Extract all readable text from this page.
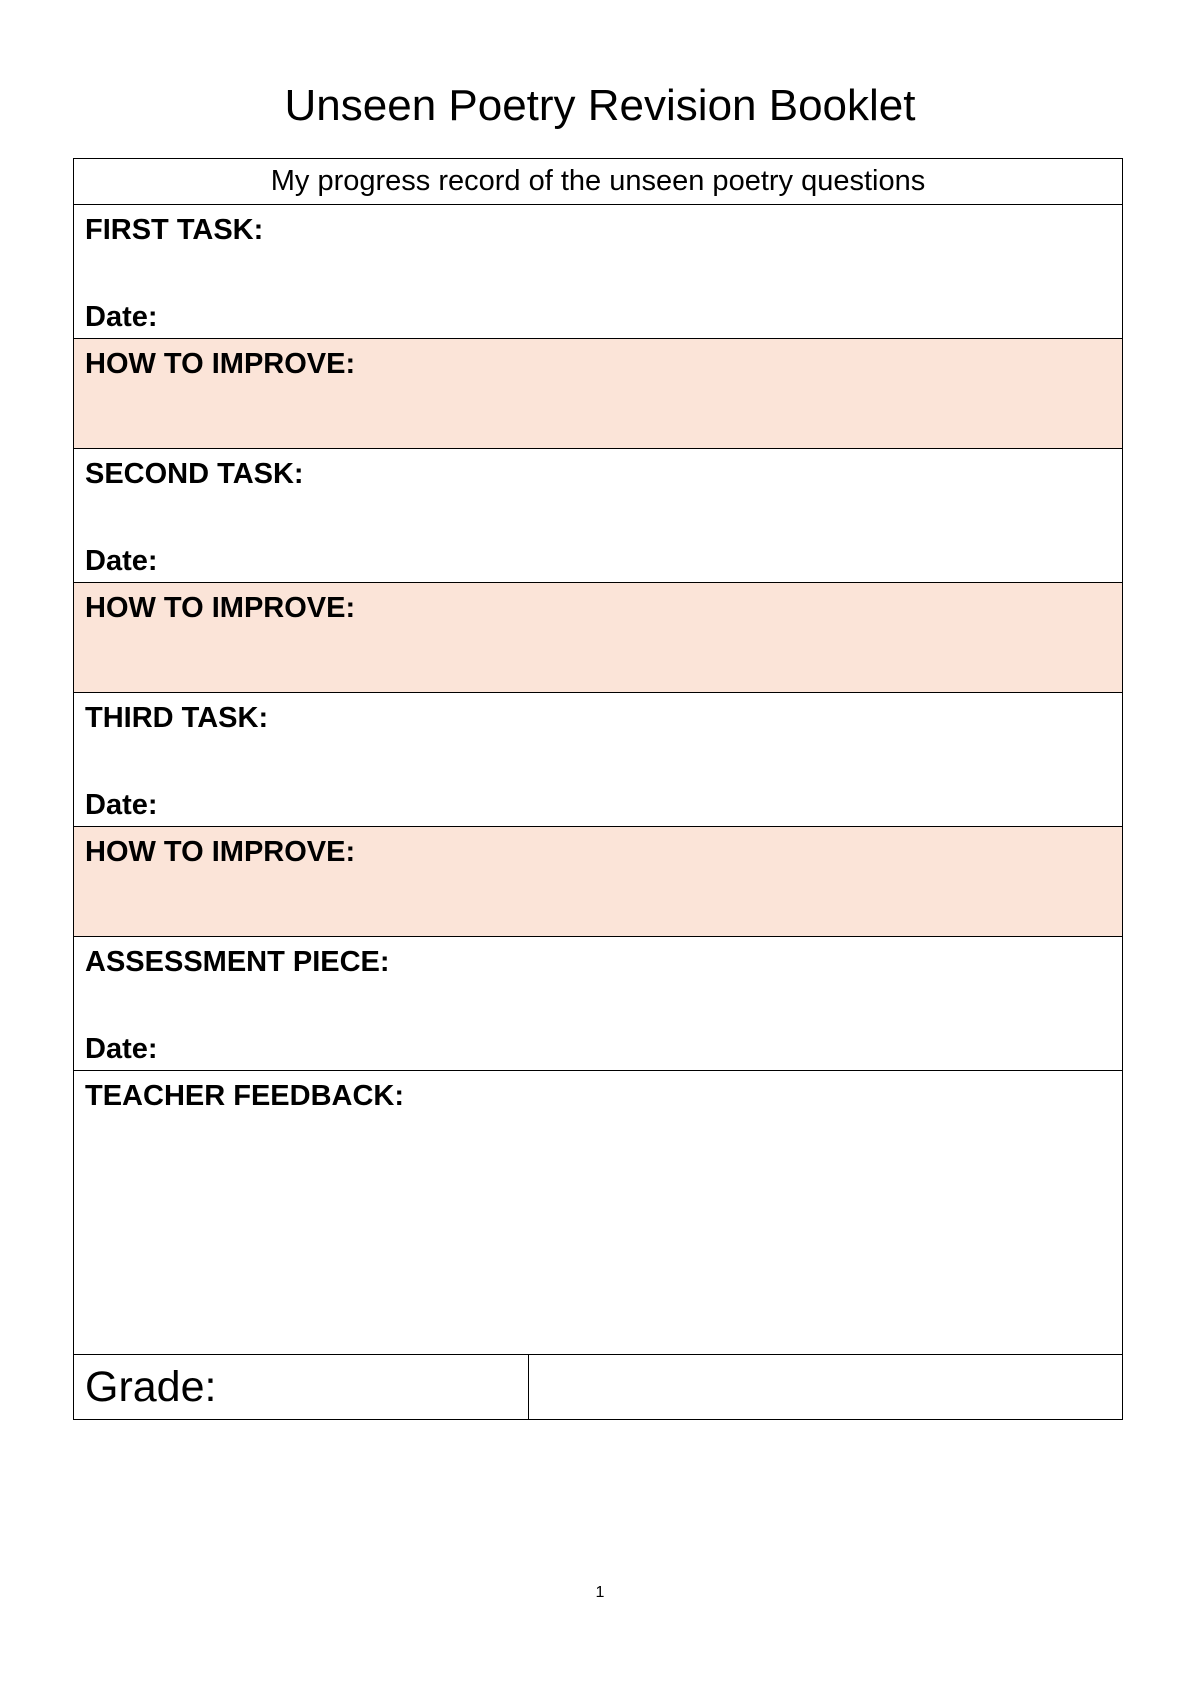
Unseen Poetry Revision Booklet
My progress record of the unseen poetry questions

FIRST TASK:
Date:

HOW TO IMPROVE:

SECOND TASK:
Date:

HOW TO IMPROVE:

THIRD TASK:
Date:

HOW TO IMPROVE:

ASSESSMENT PIECE:
Date:

TEACHER FEEDBACK:

Grade:

1
